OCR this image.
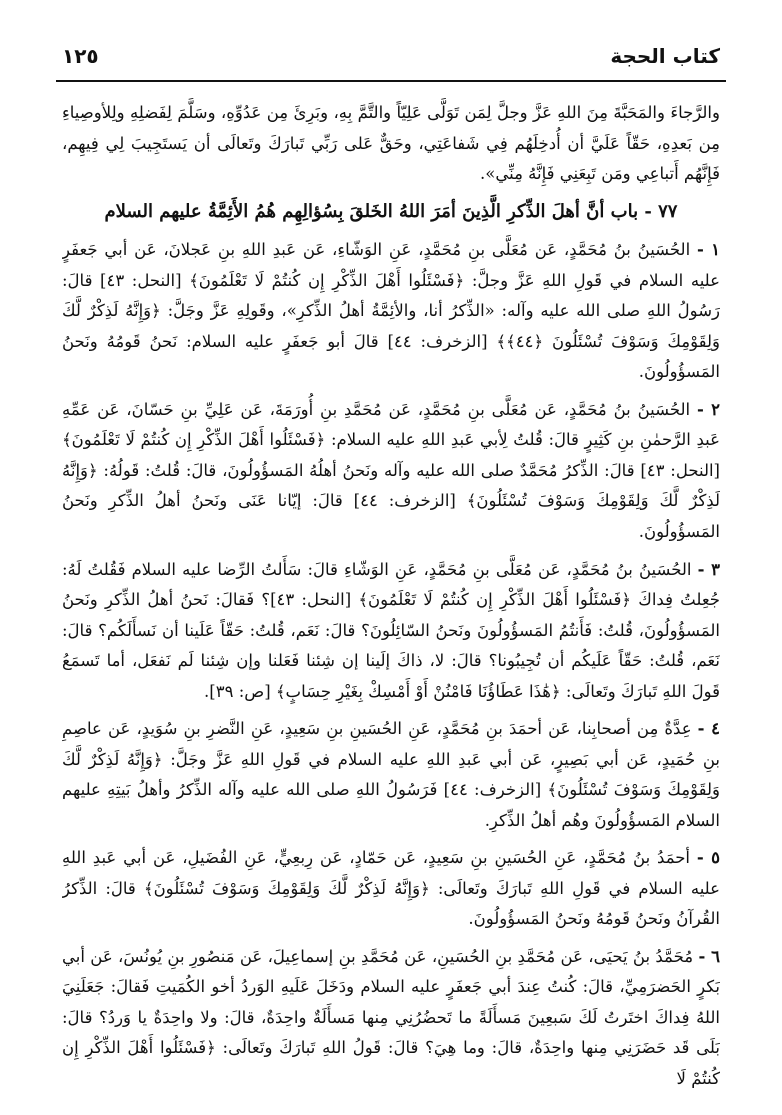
كتاب الحجة
١٢٥

والرَّجاءَ والمَحَبَّةَ مِنَ اللهِ عَزَّ وجلَّ لِمَن تَوَلَّى عَلِيّاً والتَّمَّ بِهِ، وبَرِئَ مِن عَدُوِّهِ، وسَلَّمَ لِفَضلِهِ ولِلأوصِياءِ مِن بَعدِهِ، حَقّاً عَلَيَّ أن أُدخِلَهُم فِي شَفاعَتِي، وحَقٌّ عَلى رَبِّي تَبارَكَ وتَعالَى أن يَستَجِيبَ لِي فِيهِم، فَإِنَّهُم أَتباعِي ومَن تَبِعَنِي فَإِنَّهُ مِنِّي».

٧٧ - باب أنَّ أهلَ الذِّكرِ الَّذِينَ أمَرَ اللهُ الخَلقَ بِسُؤالِهِم هُمُ الأَئِمَّةُ عليهم السلام

١ - الحُسَينُ بنُ مُحَمَّدٍ، عَن مُعَلَّى بنِ مُحَمَّدٍ، عَنِ الوَشّاءِ، عَن عَبدِ اللهِ بنِ عَجلانَ، عَن أبي جَعفَرٍ عليه السلام في قَولِ اللهِ عَزَّ وجلَّ: ﴿فَسْئَلُوا أَهْلَ الذِّكْرِ إِن كُنتُمْ لَا تَعْلَمُونَ﴾ [النحل: ٤٣] قالَ: رَسُولُ اللهِ صلى الله عليه وآله: «الذِّكرُ أنا، والأئِمَّةُ أهلُ الذِّكرِ»، وقَولِهِ عَزَّ وجَلَّ: ﴿وَإِنَّهُ لَذِكْرٌ لَّكَ وَلِقَوْمِكَ وَسَوْفَ تُسْئَلُونَ ﴿٤٤﴾﴾ [الزخرف: ٤٤] قالَ أبو جَعفَرٍ عليه السلام: نَحنُ قَومُهُ ونَحنُ المَسؤُولُونَ.

٢ - الحُسَينُ بنُ مُحَمَّدٍ، عَن مُعَلَّى بنِ مُحَمَّدٍ، عَن مُحَمَّدِ بنِ أُورَمَةَ، عَن عَلِيِّ بنِ حَسّانَ، عَن عَمِّهِ عَبدِ الرَّحمٰنِ بنِ كَثِيرٍ قالَ: قُلتُ لِأبي عَبدِ اللهِ عليه السلام: ﴿فَسْئَلُوا أَهْلَ الذِّكْرِ إِن كُنتُمْ لَا تَعْلَمُونَ﴾ [النحل: ٤٣] قالَ: الذِّكرُ مُحَمَّدٌ صلى الله عليه وآله ونَحنُ أهلُهُ المَسؤُولُونَ، قالَ: قُلتُ: قَولُهُ: ﴿وَإِنَّهُ لَذِكْرٌ لَّكَ وَلِقَوْمِكَ وَسَوْفَ تُسْئَلُونَ﴾ [الزخرف: ٤٤] قالَ: إيّانا عَنَى ونَحنُ أهلُ الذِّكرِ ونَحنُ المَسؤُولُونَ.

٣ - الحُسَينُ بنُ مُحَمَّدٍ، عَن مُعَلَّى بنِ مُحَمَّدٍ، عَنِ الوَشّاءِ قالَ: سَأَلتُ الرِّضا عليه السلام فَقُلتُ لَهُ: جُعِلتُ فِداكَ ﴿فَسْئَلُوا أَهْلَ الذِّكْرِ إِن كُنتُمْ لَا تَعْلَمُونَ﴾ [النحل: ٤٣]؟ فَقالَ: نَحنُ أهلُ الذِّكرِ ونَحنُ المَسؤُولُونَ، قُلتُ: فَأَنتُمُ المَسؤُولُونَ ونَحنُ السّائِلُونَ؟ قالَ: نَعَم، قُلتُ: حَقّاً عَلَينا أن نَسأَلَكُم؟ قالَ: نَعَم، قُلتُ: حَقّاً عَلَيكُم أن تُجِيبُونا؟ قالَ: لا، ذاكَ إلَينا إن شِئنا فَعَلنا وإن شِئنا لَم نَفعَل، أما تَسمَعُ قَولَ اللهِ تَبارَكَ وتَعالَى: ﴿هَٰذَا عَطَاؤُنَا فَامْنُنْ أَوْ أَمْسِكْ بِغَيْرِ حِسَابٍ﴾ [ص: ٣٩].

٤ - عِدَّةٌ مِن أصحابِنا، عَن أحمَدَ بنِ مُحَمَّدٍ، عَنِ الحُسَينِ بنِ سَعِيدٍ، عَنِ النَّضرِ بنِ سُوَيدٍ، عَن عاصِمِ بنِ حُمَيدٍ، عَن أبي بَصِيرٍ، عَن أبي عَبدِ اللهِ عليه السلام في قَولِ اللهِ عَزَّ وجَلَّ: ﴿وَإِنَّهُ لَذِكْرٌ لَّكَ وَلِقَوْمِكَ وَسَوْفَ تُسْئَلُونَ﴾ [الزخرف: ٤٤] فَرَسُولُ اللهِ صلى الله عليه وآله الذِّكرُ وأهلُ بَيتِهِ عليهم السلام المَسؤُولُونَ وهُم أهلُ الذِّكرِ.

٥ - أحمَدُ بنُ مُحَمَّدٍ، عَنِ الحُسَينِ بنِ سَعِيدٍ، عَن حَمّادٍ، عَن رِبعِيٍّ، عَنِ الفُضَيلِ، عَن أبي عَبدِ اللهِ عليه السلام في قَولِ اللهِ تَبارَكَ وتَعالَى: ﴿وَإِنَّهُ لَذِكْرٌ لَّكَ وَلِقَوْمِكَ وَسَوْفَ تُسْئَلُونَ﴾ قالَ: الذِّكرُ القُرآنُ ونَحنُ قَومُهُ ونَحنُ المَسؤُولُونَ.

٦ - مُحَمَّدُ بنُ يَحيَى، عَن مُحَمَّدِ بنِ الحُسَينِ، عَن مُحَمَّدِ بنِ إسماعِيلَ، عَن مَنصُورِ بنِ يُونُسَ، عَن أبي بَكرٍ الحَضرَمِيِّ، قالَ: كُنتُ عِندَ أبي جَعفَرٍ عليه السلام ودَخَلَ عَلَيهِ الوَردُ أخو الكُمَيتِ فَقالَ: جَعَلَنِيَ اللهُ فِداكَ اختَرتُ لَكَ سَبعِينَ مَسأَلَةً ما تَحضُرُنِي مِنها مَسأَلَةٌ واحِدَةٌ، قالَ: ولا واحِدَةٌ يا وَردُ؟ قالَ: بَلَى قَد حَضَرَنِي مِنها واحِدَةٌ، قالَ: وما هِيَ؟ قالَ: قَولُ اللهِ تَبارَكَ وتَعالَى: ﴿فَسْئَلُوا أَهْلَ الذِّكْرِ إِن كُنتُمْ لَا
